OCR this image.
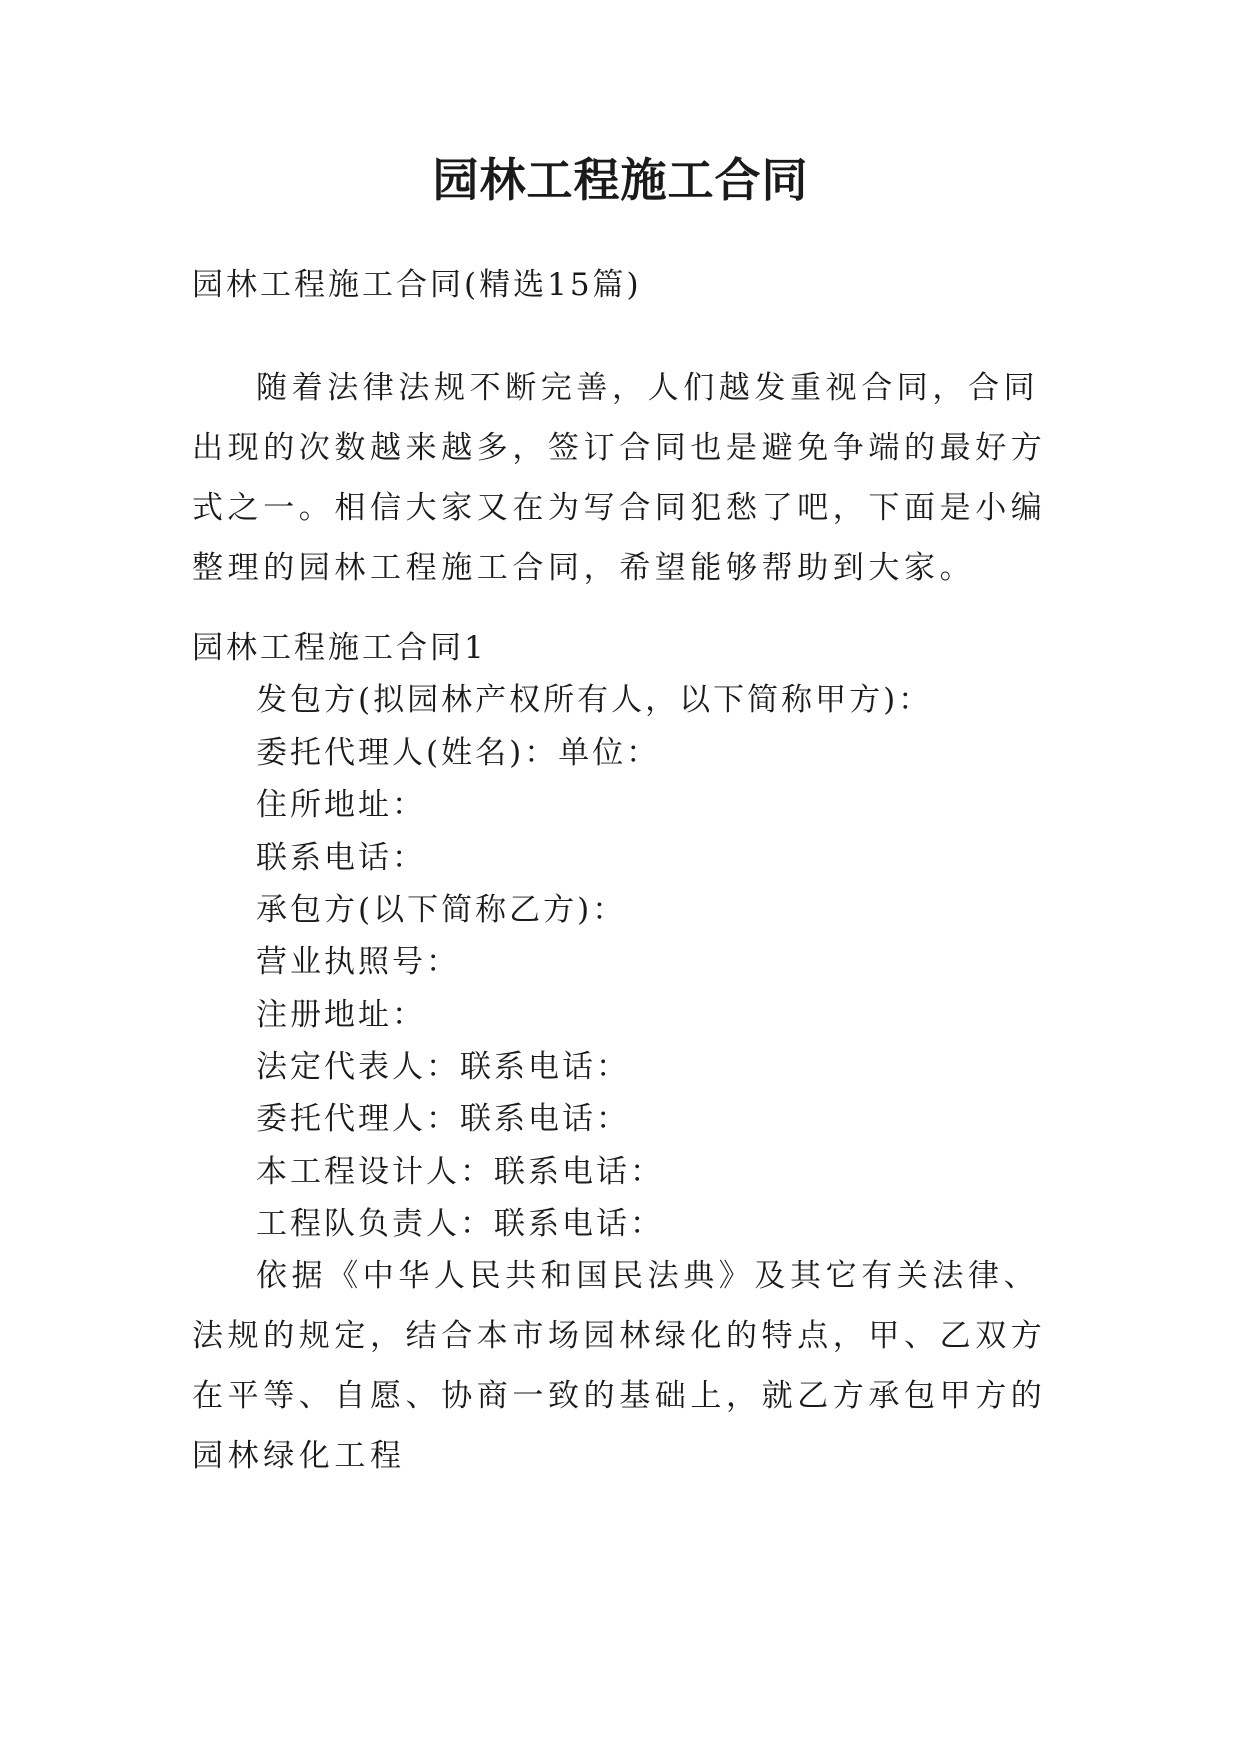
园林工程施工合同
园林工程施工合同(精选15篇)
随着法律法规不断完善，人们越发重视合同，合同出现的次数越来越多，签订合同也是避免争端的最好方式之一。相信大家又在为写合同犯愁了吧，下面是小编整理的园林工程施工合同，希望能够帮助到大家。
园林工程施工合同1
发包方(拟园林产权所有人，以下简称甲方)：
委托代理人(姓名)：单位：
住所地址：
联系电话：
承包方(以下简称乙方)：
营业执照号：
注册地址：
法定代表人：联系电话：
委托代理人：联系电话：
本工程设计人：联系电话：
工程队负责人：联系电话：
依据《中华人民共和国民法典》及其它有关法律、法规的规定，结合本市场园林绿化的特点，甲、乙双方在平等、自愿、协商一致的基础上，就乙方承包甲方的园林绿化工程
